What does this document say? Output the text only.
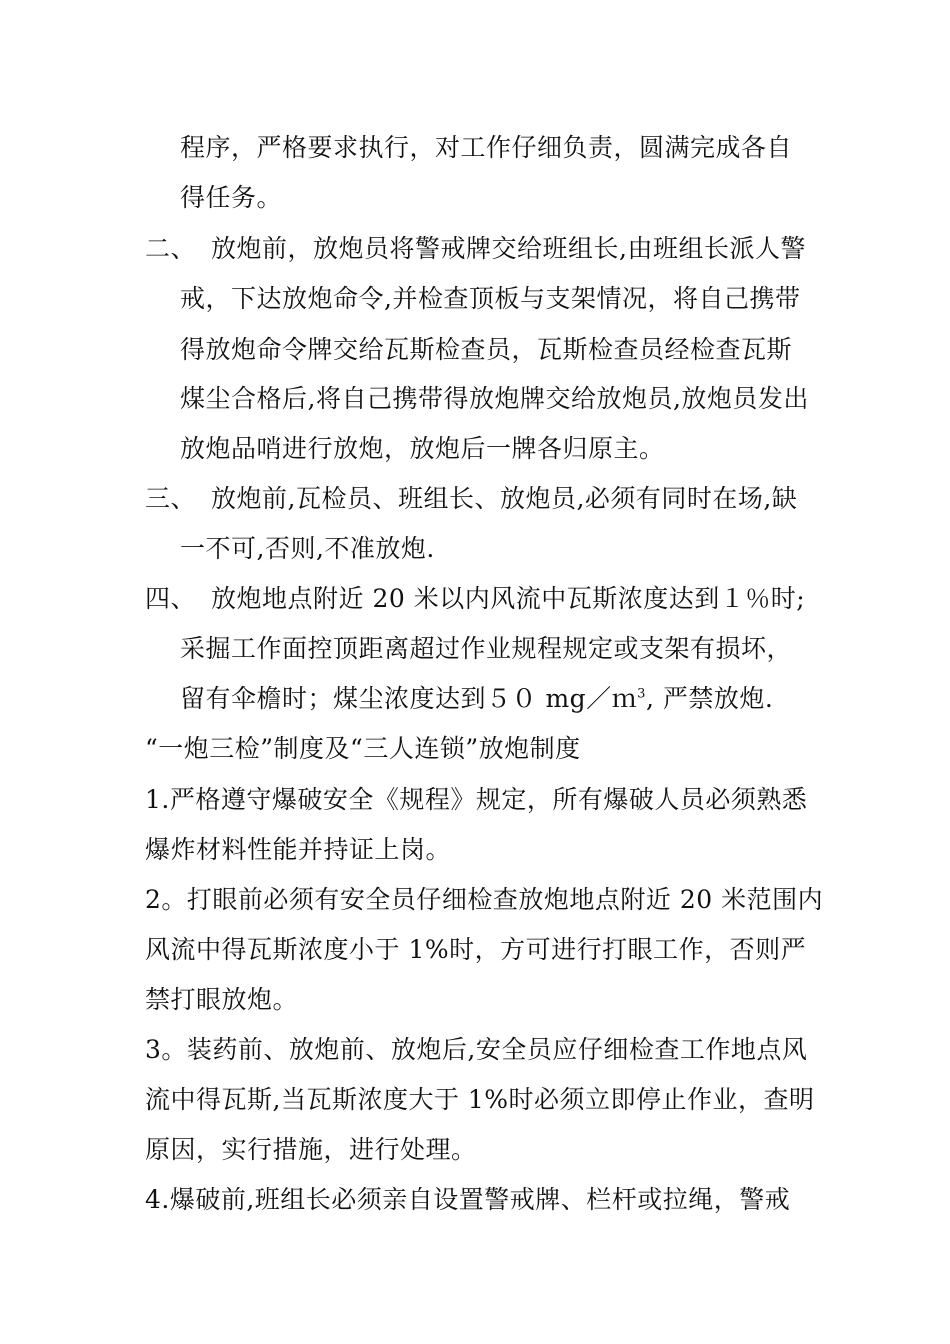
程序，严格要求执行，对工作仔细负责，圆满完成各自
得任务。
二、 放炮前，放炮员将警戒牌交给班组长,由班组长派人警
戒，下达放炮命令,并检查顶板与支架情况，将自己携带
得放炮命令牌交给瓦斯检查员，瓦斯检查员经检查瓦斯
煤尘合格后,将自己携带得放炮牌交给放炮员,放炮员发出
放炮品哨进行放炮，放炮后一牌各归原主。
三、 放炮前,瓦检员、班组长、放炮员,必须有同时在场,缺
一不可,否则,不准放炮.
四、 放炮地点附近 20 米以内风流中瓦斯浓度达到１％时;
采掘工作面控顶距离超过作业规程规定或支架有损坏，
留有伞檐时；煤尘浓度达到５０ mg／ｍ$^3$, 严禁放炮.
“一炮三检”制度及“三人连锁”放炮制度
1.严格遵守爆破安全《规程》规定，所有爆破人员必须熟悉
爆炸材料性能并持证上岗。
2。打眼前必须有安全员仔细检查放炮地点附近 20 米范围内
风流中得瓦斯浓度小于 1%时，方可进行打眼工作，否则严
禁打眼放炮。
3。装药前、放炮前、放炮后,安全员应仔细检查工作地点风
流中得瓦斯,当瓦斯浓度大于 1%时必须立即停止作业，查明
原因，实行措施，进行处理。
4.爆破前,班组长必须亲自设置警戒牌、栏杆或拉绳，警戒
